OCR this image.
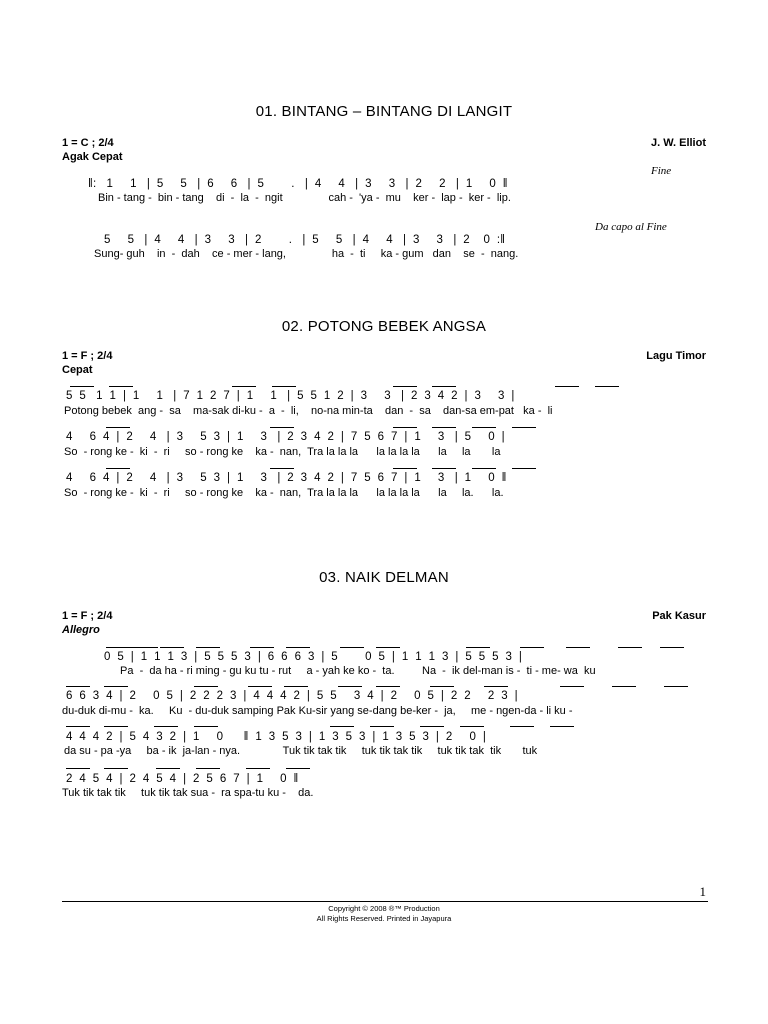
01. BINTANG – BINTANG DI LANGIT
1 = C ; 2/4
Agak Cepat
J. W. Elliot
Fine
‖:   1     1   |  5     5   |  6     6   |  5        .   |  4     4   |  3     3   |  2     2   |  1     0  ‖
Bin - tang -  bin - tang    di  -  la  -  ngit               cah -  'ya -  mu    ker -  lap -  ker -  lip.
Da capo al Fine
5     5   |  4     4   |  3     3   |  2        .   |  5     5   |  4     4   |  3     3   |  2    0  :‖
Sung- guh    in  -  dah    ce - mer - lang,               ha  -  ti     ka - gum   dan    se  -  nang.
02. POTONG BEBEK ANGSA
1 = F ; 2/4
Cepat
Lagu Timor
5  5   1  1  |  1     1   |  7  1  2  7  |  1     1   |  5  5  1  2  |  3     3   |  2  3  4  2  |  3     3  |
Potong bebek  ang -  sa    ma-sak di-ku -  a  -  li,    no-na min-ta    dan  -  sa    dan-sa em-pat   ka -  li
4     6  4  |  2     4   |  3     5  3  |  1     3   |  2  3  4  2  |  7  5  6  7  |  1     3   |  5     0  |
So  - rong ke -  ki  -  ri     so - rong ke    ka -  nan,  Tra la la la      la la la la      la     la       la
4     6  4  |  2     4   |  3     5  3  |  1     3   |  2  3  4  2  |  7  5  6  7  |  1     3   |  1     0  ‖
So  - rong ke -  ki  -  ri     so - rong ke    ka -  nan,  Tra la la la      la la la la      la     la.      la.
03. NAIK DELMAN
1 = F ; 2/4
Allegro
Pak Kasur
0  5  |  1  1  1  3  |  5  5  5  3  |  6  6  6  3  |  5        0  5  |  1  1  1  3  |  5  5  5  3  |
Pa  -  da ha - ri ming - gu ku tu - rut     a - yah ke ko -  ta.         Na  -  ik del-man is -  ti - me- wa  ku
6  6  3  4  |  2     0  5  |  2  2  2  3  |  4  4  4  2  |  5  5     3  4  |  2     0  5  |  2  2     2  3  |
du-duk di-mu -  ka.     Ku  - du-duk samping Pak Ku-sir yang se-dang be-ker -  ja,     me - ngen-da - li ku -
4  4  4  2  |  5  4  3  2  |  1     0      ‖  1  3  5  3  |  1  3  5  3  |  1  3  5  3  |  2     0  |
da su - pa -ya     ba - ik  ja-lan - nya.              Tuk tik tak tik     tuk tik tak tik     tuk tik tak  tik       tuk
2  4  5  4  |  2  4  5  4  |  2  5  6  7  |  1     0  ‖
Tuk tik tak tik     tuk tik tak sua -  ra spa-tu ku -    da.
1
Copyright © 2008 ®™ Production
All Rights Reserved. Printed in Jayapura
